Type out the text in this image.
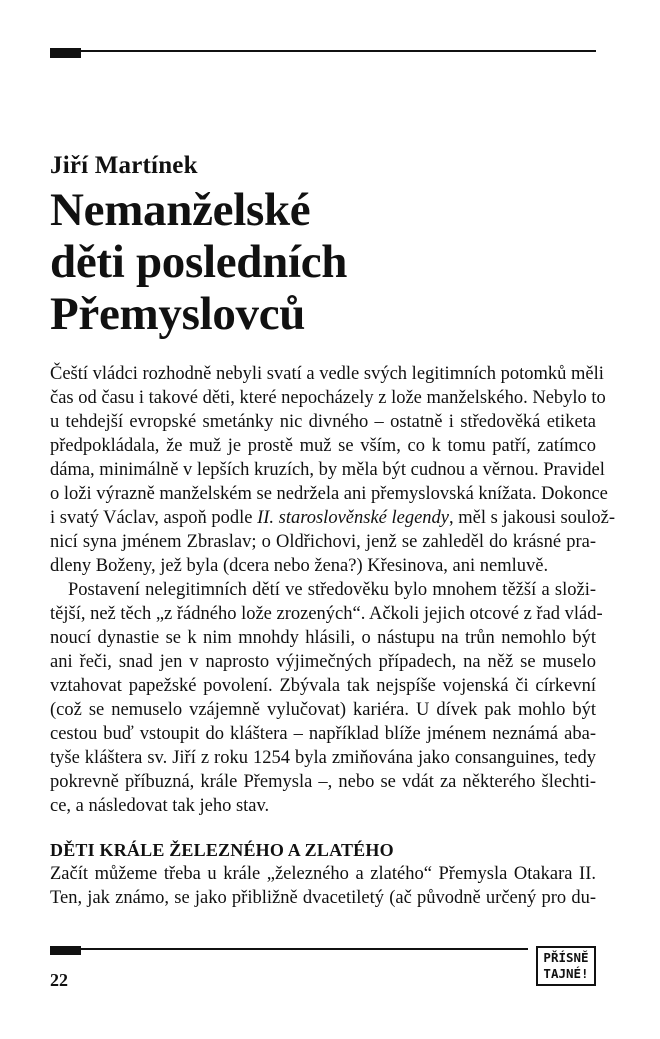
Jiří Martínek
Nemanželské
děti posledních
Přemyslovců
Čeští vládci rozhodně nebyli svatí a vedle svých legitimních potomků měli
čas od času i takové děti, které nepocházely z lože manželského. Nebylo to
u tehdejší evropské smetánky nic divného – ostatně i středověká etiketa
předpokládala, že muž je prostě muž se vším, co k tomu patří, zatímco
dáma, minimálně v lepších kruzích, by měla být cudnou a věrnou. Pravidel
o loži výrazně manželském se nedržela ani přemyslovská knížata. Dokonce
i svatý Václav, aspoň podle II. staroslověnské legendy, měl s jakousi soulož-
nicí syna jménem Zbraslav; o Oldřichovi, jenž se zahleděl do krásné pra-
dleny Boženy, jež byla (dcera nebo žena?) Křesinova, ani nemluvě.
Postavení nelegitimních dětí ve středověku bylo mnohem těžší a složi-
tější, než těch „z řádného lože zrozených“. Ačkoli jejich otcové z řad vlád-
noucí dynastie se k nim mnohdy hlásili, o nástupu na trůn nemohlo být
ani řeči, snad jen v naprosto výjimečných případech, na něž se muselo
vztahovat papežské povolení. Zbývala tak nejspíše vojenská či církevní
(což se nemuselo vzájemně vylučovat) kariéra. U dívek pak mohlo být
cestou buď vstoupit do kláštera – například blíže jménem neznámá aba-
tyše kláštera sv. Jiří z roku 1254 byla zmiňována jako consanguines, tedy
pokrevně příbuzná, krále Přemysla –, nebo se vdát za některého šlechti-
ce, a následovat tak jeho stav.
DĚTI KRÁLE ŽELEZNÉHO A ZLATÉHO
Začít můžeme třeba u krále „železného a zlatého“ Přemysla Otakara II.
Ten, jak známo, se jako přibližně dvacetiletý (ač původně určený pro du-
22
PŘÍSNĚ
TAJNÉ!
